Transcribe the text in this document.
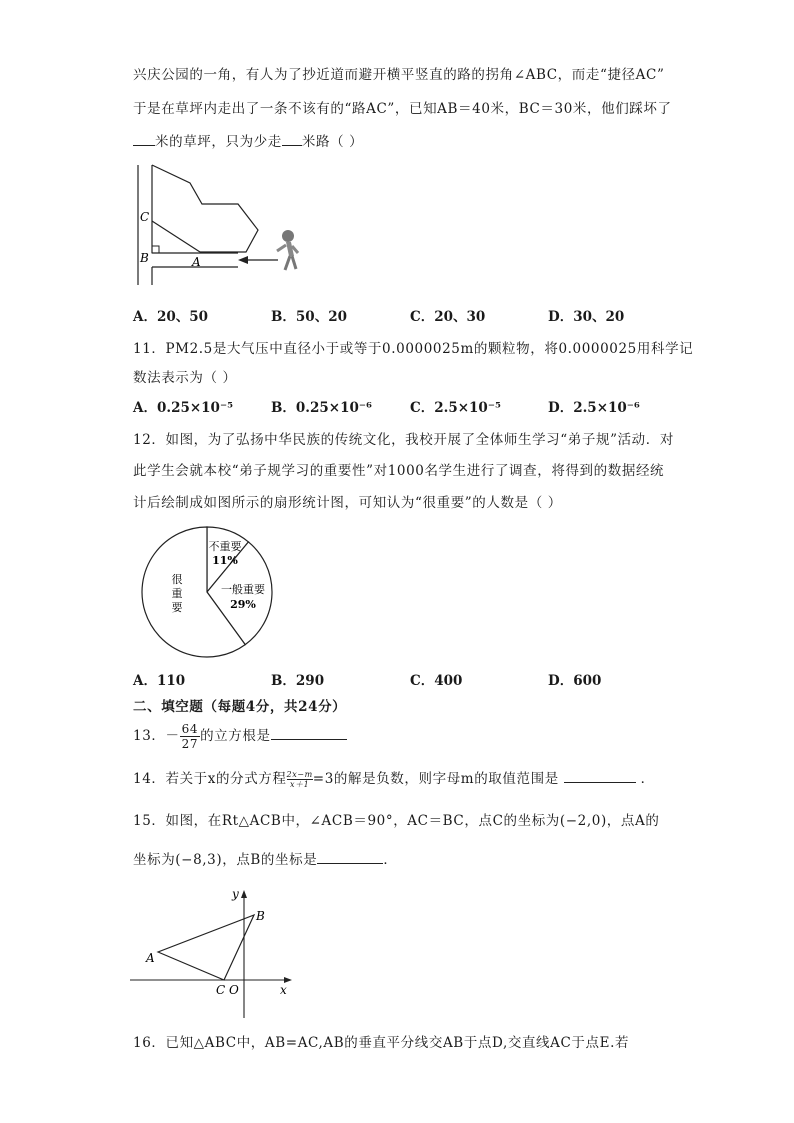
兴庆公园的一角，有人为了抄近道而避开横平竖直的路的拐角∠ABC，而走“捷径AC”
于是在草坪内走出了一条不该有的“路AC”，已知AB＝40米，BC＝30米，他们踩坏了
米的草坪，只为少走 米路（ ）
C
B	A
A．20、50	B．50、20	C．20、30	D．30、20
11．PM2.5是大气压中直径小于或等于0.0000025m的颗粒物，将0.0000025用科学记
数法表示为（ ）
A．0.25×10⁻⁵	B．0.25×10⁻⁶	C．2.5×10⁻⁵	D．2.5×10⁻⁶
12．如图，为了弘扬中华民族的传统文化，我校开展了全体师生学习“弟子规”活动．对
此学生会就本校“弟子规学习的重要性”对1000名学生进行了调查，将得到的数据经统
计后绘制成如图所示的扇形统计图，可知认为“很重要”的人数是（ ）
不重要
11%
一般重要
29%
很
重
要
A．110	B．290	C．400	D．600
二、填空题（每题4分，共24分）
13．－ $\frac{64}{27}$ 的立方根是
14．若关于x的分式方程 $\frac{2x-m}{x+1}=3$的解是负数，则字母m的取值范围是	．
15．如图，在Rt△ACB中，∠ACB＝90°，AC＝BC，点C的坐标为(−2,0)，点A的
坐标为(−8,3)，点B的坐标是	．
y
x
B
A
C O
16．已知△ABC中，AB=AC,AB的垂直平分线交AB于点D,交直线AC于点E.若
